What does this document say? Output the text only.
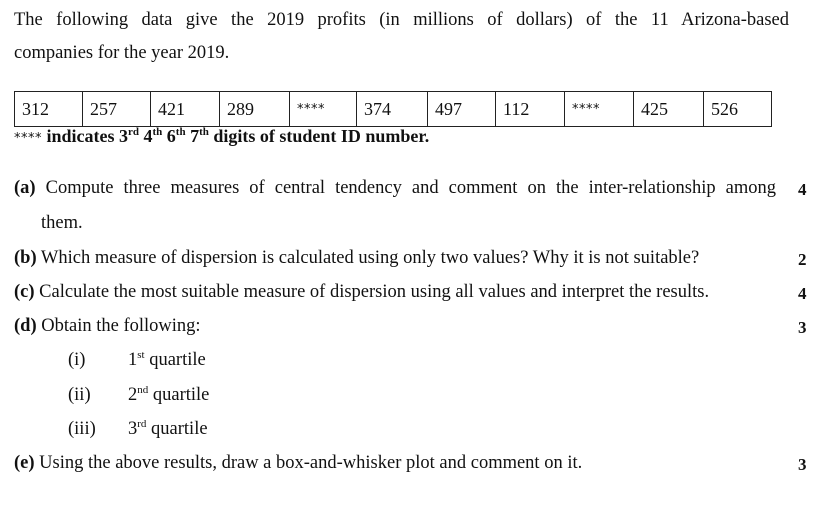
The following data give the 2019 profits (in millions of dollars) of the 11 Arizona-based
companies for the year 2019.
312	257	421	289	****	374	497	112	****	425	526
**** indicates 3rd 4th 6th 7th digits of student ID number.
(a) Compute three measures of central tendency and comment on the inter-relationship among
them.
4
(b) Which measure of dispersion is calculated using only two values? Why it is not suitable?	2
(c) Calculate the most suitable measure of dispersion using all values and interpret the results.	4
(d) Obtain the following:	3
(i) 1st quartile
(ii) 2nd quartile
(iii) 3rd quartile
(e) Using the above results, draw a box-and-whisker plot and comment on it.	3
